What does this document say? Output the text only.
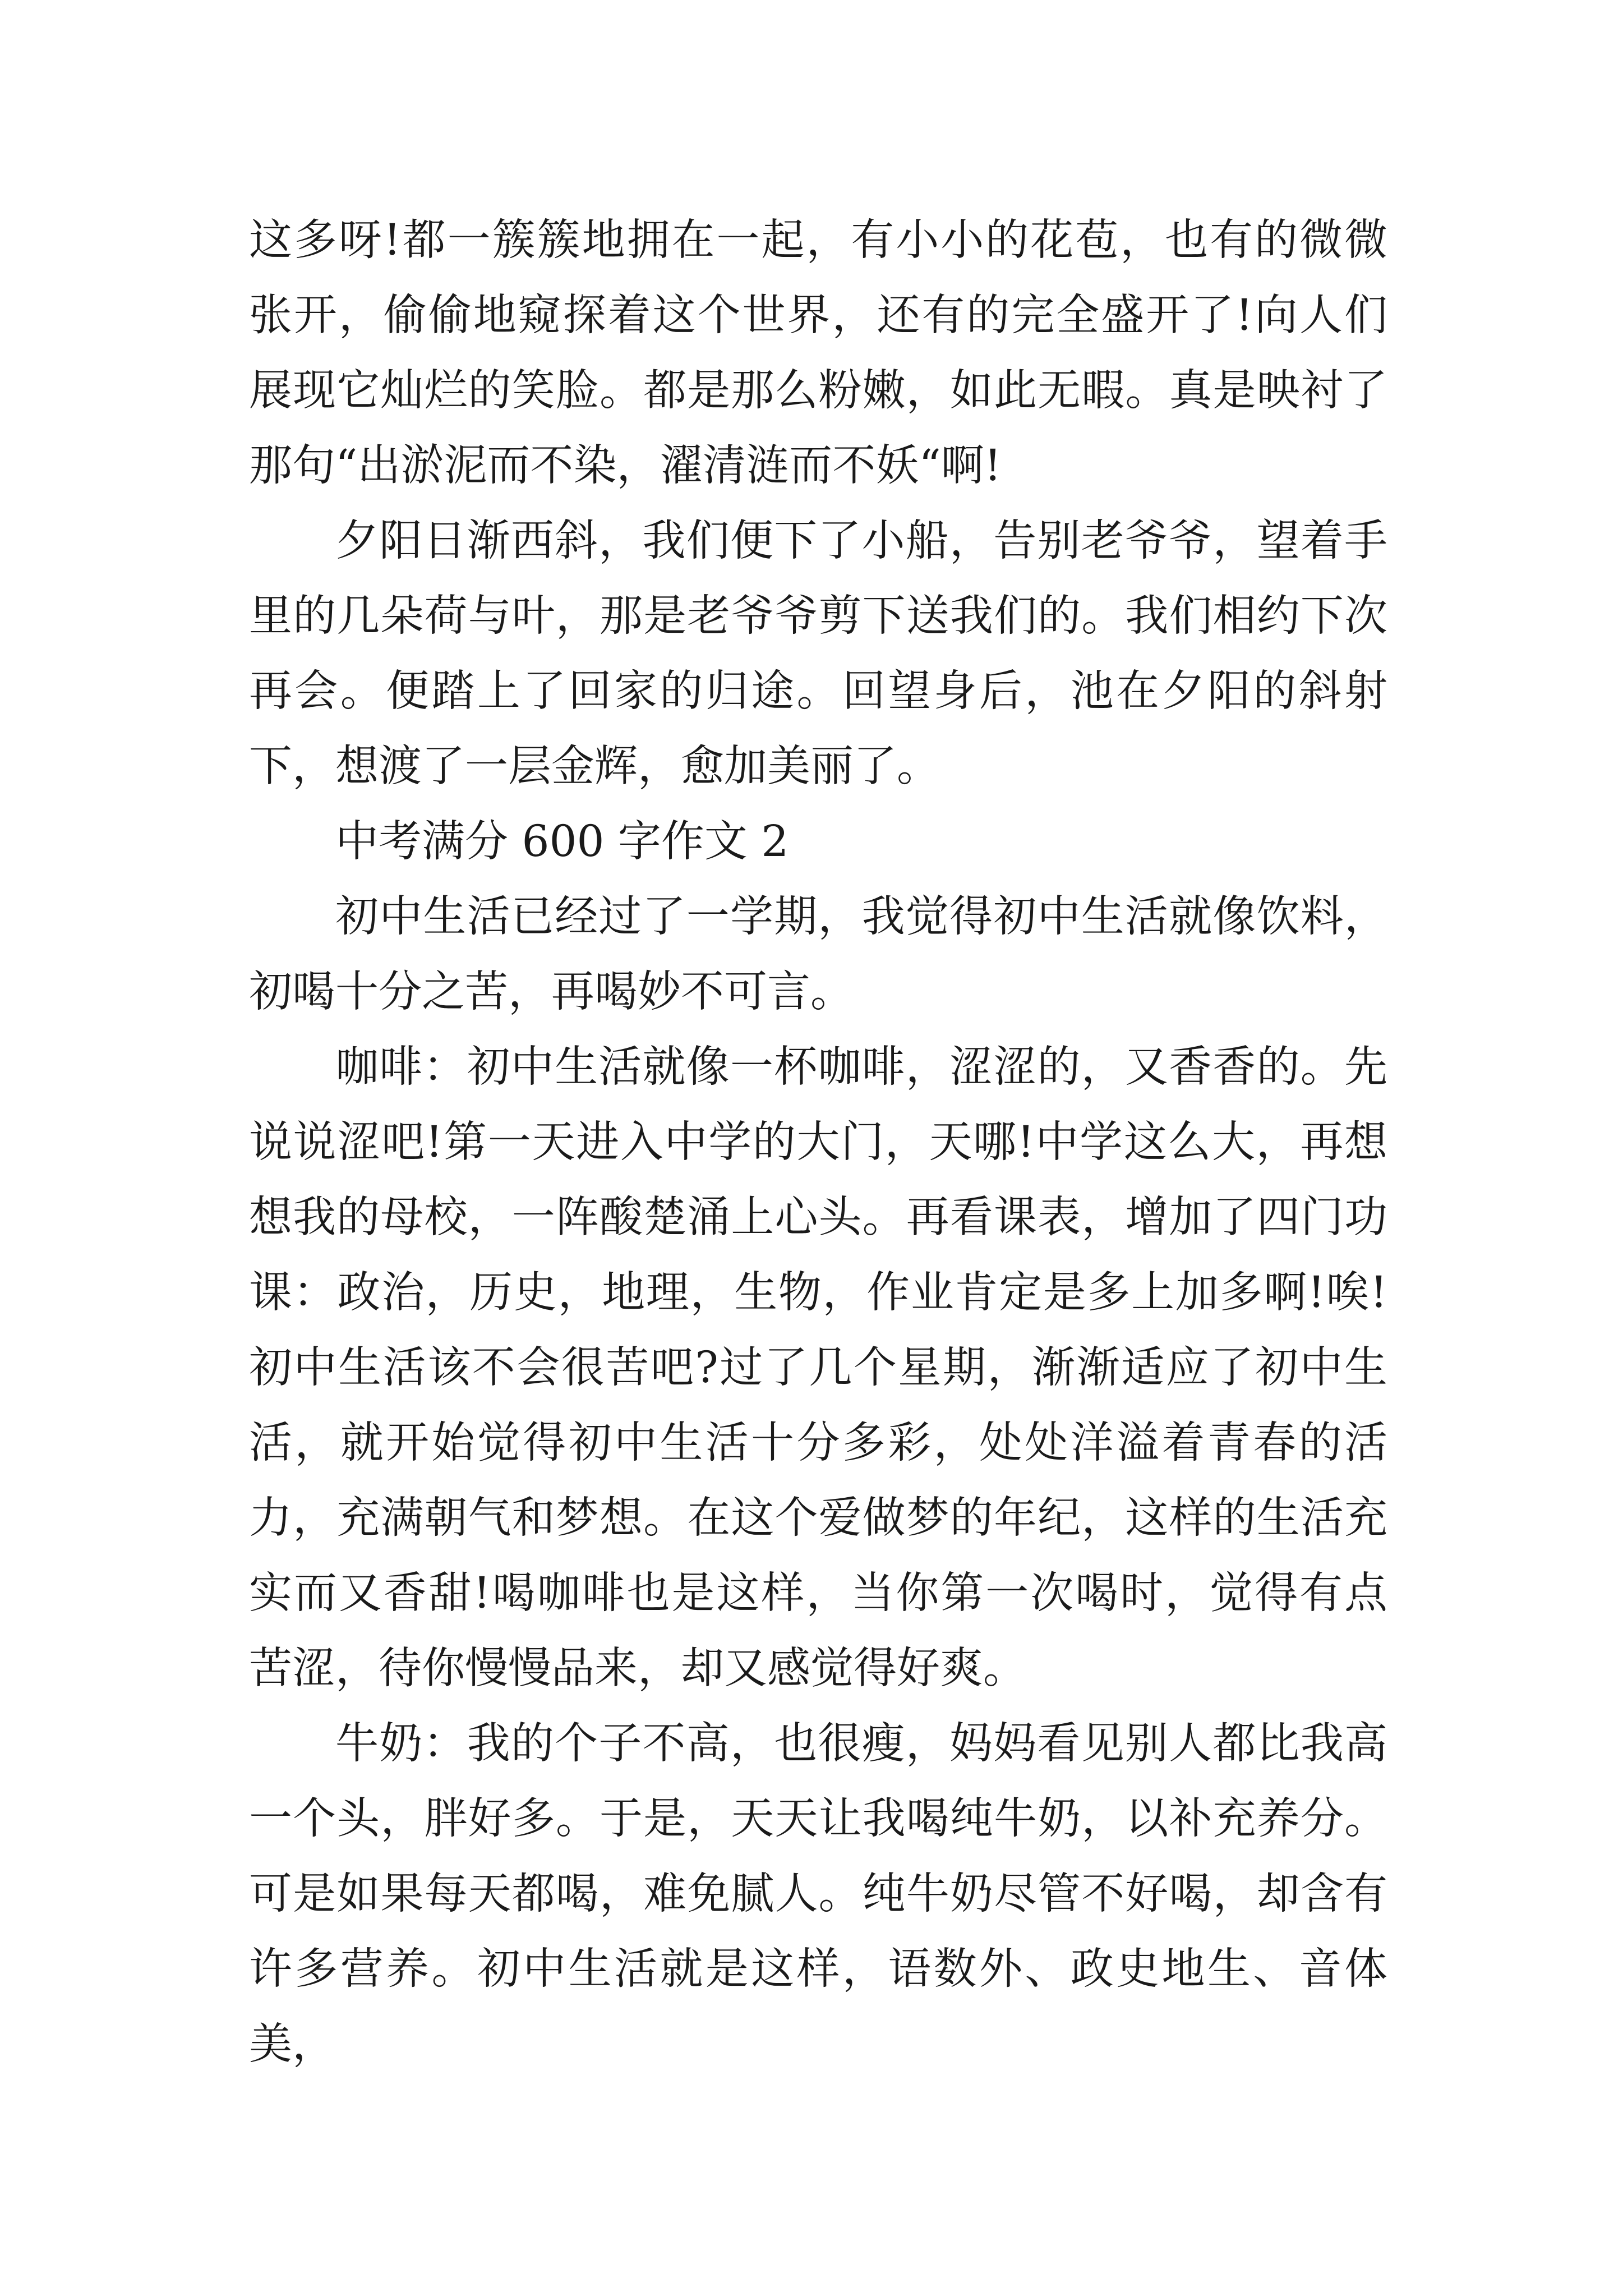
这多呀!都一簇簇地拥在一起，有小小的花苞，也有的微微张开，偷偷地窥探着这个世界，还有的完全盛开了!向人们展现它灿烂的笑脸。都是那么粉嫩，如此无暇。真是映衬了那句“出淤泥而不染，濯清涟而不妖“啊!

夕阳日渐西斜，我们便下了小船，告别老爷爷，望着手里的几朵荷与叶，那是老爷爷剪下送我们的。我们相约下次再会。便踏上了回家的归途。回望身后，池在夕阳的斜射下，想渡了一层金辉，愈加美丽了。

中考满分 600 字作文 2

初中生活已经过了一学期，我觉得初中生活就像饮料，初喝十分之苦，再喝妙不可言。

咖啡：初中生活就像一杯咖啡，涩涩的，又香香的。先说说涩吧!第一天进入中学的大门，天哪!中学这么大，再想想我的母校，一阵酸楚涌上心头。再看课表，增加了四门功课：政治，历史，地理，生物，作业肯定是多上加多啊!唉!初中生活该不会很苦吧?过了几个星期，渐渐适应了初中生活，就开始觉得初中生活十分多彩，处处洋溢着青春的活力，充满朝气和梦想。在这个爱做梦的年纪，这样的生活充实而又香甜!喝咖啡也是这样，当你第一次喝时，觉得有点苦涩，待你慢慢品来，却又感觉得好爽。

牛奶：我的个子不高，也很瘦，妈妈看见别人都比我高一个头，胖好多。于是，天天让我喝纯牛奶，以补充养分。可是如果每天都喝，难免腻人。纯牛奶尽管不好喝，却含有许多营养。初中生活就是这样，语数外、政史地生、音体美，
